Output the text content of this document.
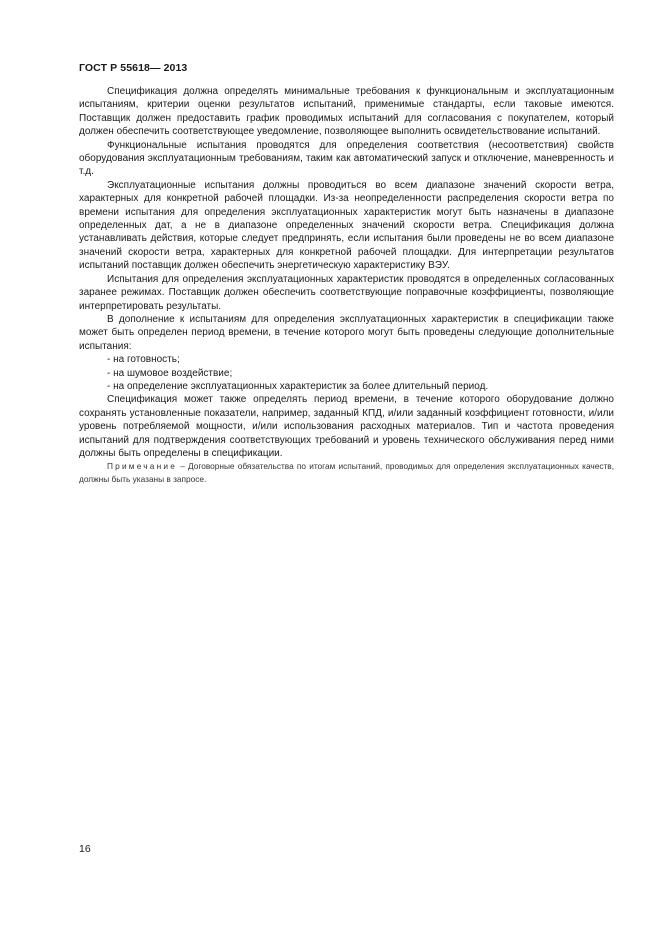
ГОСТ Р 55618— 2013

Спецификация должна определять минимальные требования к функциональным и эксплуатационным испытаниям, критерии оценки результатов испытаний, применимые стандарты, если таковые имеются. Поставщик должен предоставить график проводимых испытаний для согласования с покупателем, который должен обеспечить соответствующее уведомление, позволяющее выполнить освидетельствование испытаний.

Функциональные испытания проводятся для определения соответствия (несоответствия) свойств оборудования эксплуатационным требованиям, таким как автоматический запуск и отключение, маневренность и т.д.

Эксплуатационные испытания должны проводиться во всем диапазоне значений скорости ветра, характерных для конкретной рабочей площадки. Из-за неопределенности распределения скорости ветра по времени испытания для определения эксплуатационных характеристик могут быть назначены в диапазоне определенных дат, а не в диапазоне определенных значений скорости ветра. Спецификация должна устанавливать действия, которые следует предпринять, если испытания были проведены не во всем диапазоне значений скорости ветра, характерных для конкретной рабочей площадки. Для интерпретации результатов испытаний поставщик должен обеспечить энергетическую характеристику ВЭУ.

Испытания для определения эксплуатационных характеристик проводятся в определенных согласованных заранее режимах. Поставщик должен обеспечить соответствующие поправочные коэффициенты, позволяющие интерпретировать результаты.

В дополнение к испытаниям для определения эксплуатационных характеристик в спецификации также может быть определен период времени, в течение которого могут быть проведены следующие дополнительные испытания:

- на готовность;

- на шумовое воздействие;

- на определение эксплуатационных характеристик за более длительный период.

Спецификация может также определять период времени, в течение которого оборудование должно сохранять установленные показатели, например, заданный КПД, и/или заданный коэффициент готовности, и/или уровень потребляемой мощности, и/или использования расходных материалов. Тип и частота проведения испытаний для подтверждения соответствующих требований и уровень технического обслуживания перед ними должны быть определены в спецификации.

Примечание – Договорные обязательства по итогам испытаний, проводимых для определения эксплуатационных качеств, должны быть указаны в запросе.

16
